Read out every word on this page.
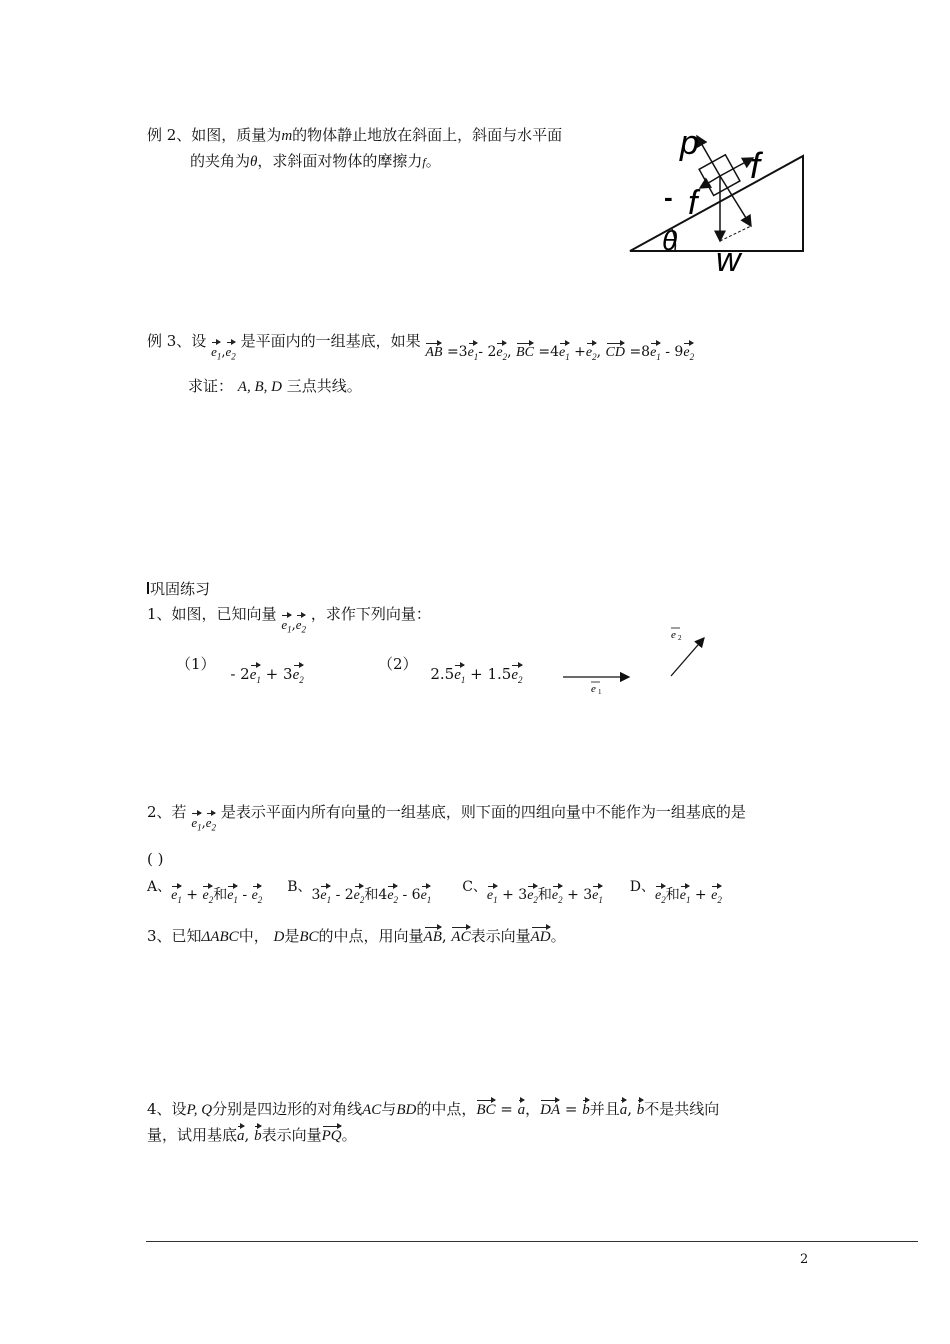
例 2、如图，质量为m的物体静止地放在斜面上，斜面与水平面
的夹角为θ，求斜面对物体的摩擦力f。	p
f
- f
θ
w
例 3、设 $e_1,e_2$ 是平面内的一组基底，如果 AB $=3e_1-$ $2e_2$, BC $=4e_1 +e_2$, CD $=8e_1 - 9e_2$
求证： A, B, D 三点共线。
巩固练习
1、如图，已知向量 $e_1,e_2$ ，求作下列向量：
$(1) - 2e_1 + 3e_2$
（2） $2.5e_1 + 1.5e_2$
e 1
e 2
2、若 $e_1,e_2$ 是表示平面内所有向量的一组基底，则下面的四组向量中不能作为一组基底的是
( )
A、$e_1 + e_2$和$e_1 - e_2$  B、$3e_1 - 2e_2$和$4e_2 - 6e_1$  C、$e_1 + 3e_2$和$e_2 + 3e_1$  D、$e_2$和$e_1 + e_2$
3、已知ΔABC中， D是BC的中点，用向量AB, AC表示向量AD。
4、设P, Q分别是四边形的对角线AC与BD的中点，BC = a，DA = b并且a, b不是共线向
量，试用基底a, b表示向量PQ。
2
